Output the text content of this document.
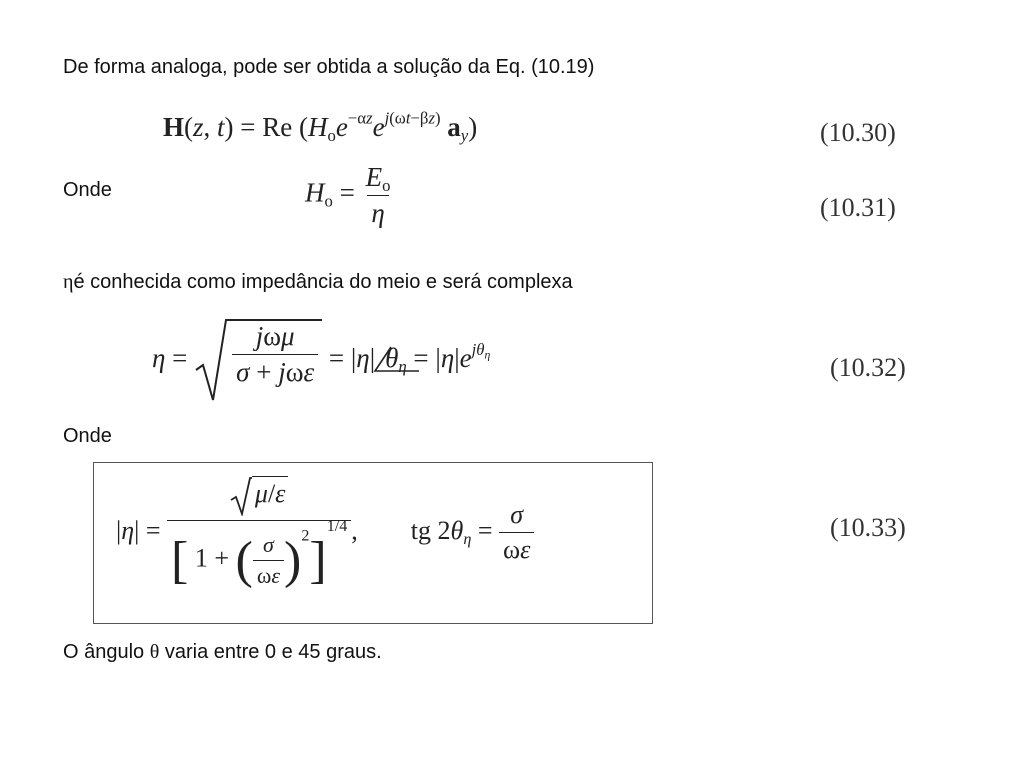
De forma analoga, pode ser obtida a solução da Eq. (10.19)
H(z, t) = Re ($H_oe^{-\alpha z}e^{j(\omega t-\beta z)}$ $a_y$)	(10.30)
Onde	$H_o = \frac{E_o}{\eta}$	(10.31)
ηé conhecida como impedância do meio e será complexa
$\eta = \frac{\text{jωμ}}{\text{σ + jωε}} = |\eta|$ $\theta_\eta = |\eta|e^{j\theta_\eta}$	(10.32)
Onde
$|\eta| = \frac{\mu/\varepsilon}{[ 1 + ( \frac{\sigma}{\omega\varepsilon} )^2]^{1/4}}$ ,  tg $2\theta_\eta = \frac{\sigma}{\omega\varepsilon}$	(10.33)
O ângulo θ varia entre 0 e 45 graus.
